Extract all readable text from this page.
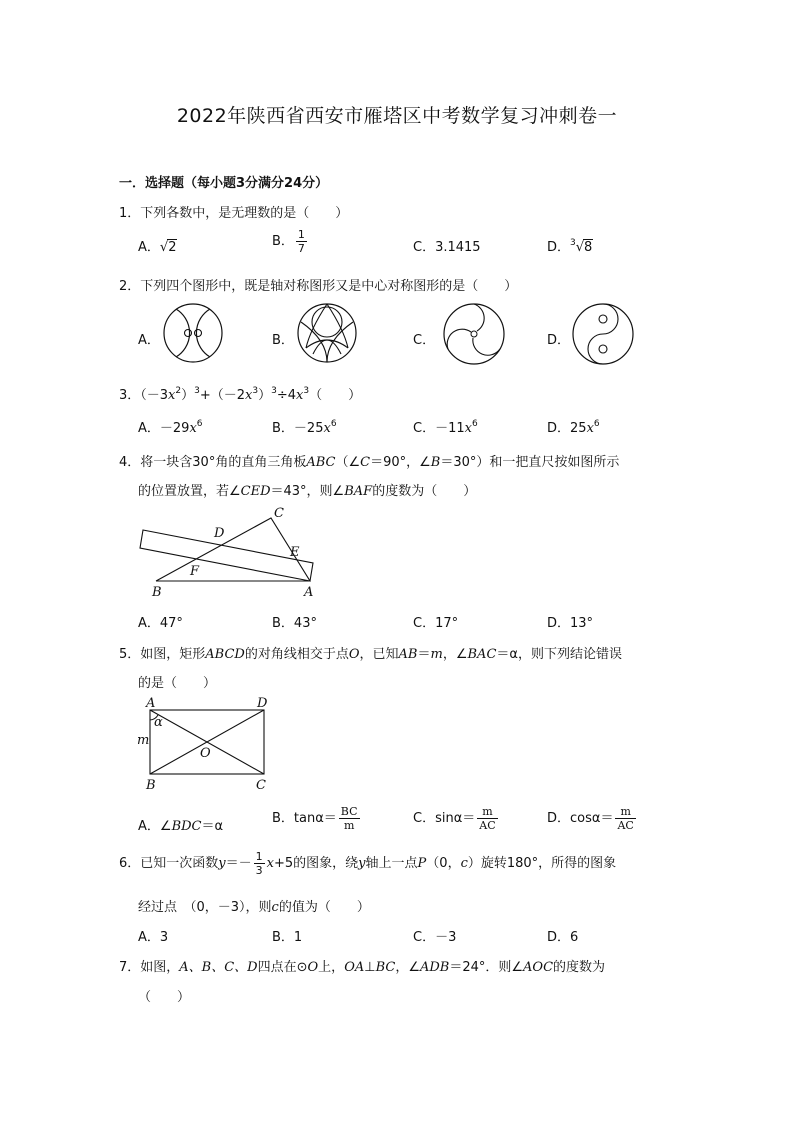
2022年陕西省西安市雁塔区中考数学复习冲刺卷一
一．选择题（每小题3分满分24分）
1．下列各数中，是无理数的是（　　）
A．√2	B． $\frac{1}{7}$	C．3.1415	D．$^3$√8
2．下列四个图形中，既是轴对称图形又是中心对称图形的是（　　）
A．	B．	C．	D．
3．$(-3x^2)^3+(-2x^3)^3\div 4x^3$（　　）
A．$-29x^6$	B．$-25x^6$	C．$-11x^6$	D．$25x^6$
4．将一块含30°角的直角三角板ABC（∠C＝90°，∠B＝30°）和一把直尺按如图所示
的位置放置，若∠CED＝43°，则∠BAF的度数为（　　）
C
D
E
F
B	A
A．47°	B．43°	C．17°	D．13°
5．如图，矩形ABCD的对角线相交于点O，已知AB＝m，∠BAC＝α，则下列结论错误
的是（　　）
A	D
α
m
O
B	C
A．∠BDC＝α
B．$\tan\alpha= \frac{BC}{m}$	C．$\sin\alpha= \frac{m}{AC}$	D．$\cos\alpha= \frac{m}{AC}$
6．已知一次函数$y=- \frac{1}{3} x+5$的图象，绕y轴上一点P（0，c）旋转180°，所得的图象
经过点　（0，－3），则c的值为（　　）
A．3	B．1	C．－3	D．6
7．如图，A、B、C、D四点在⊙O上，OA⊥BC，∠ADB＝24°．则∠AOC的度数为
（　　）
